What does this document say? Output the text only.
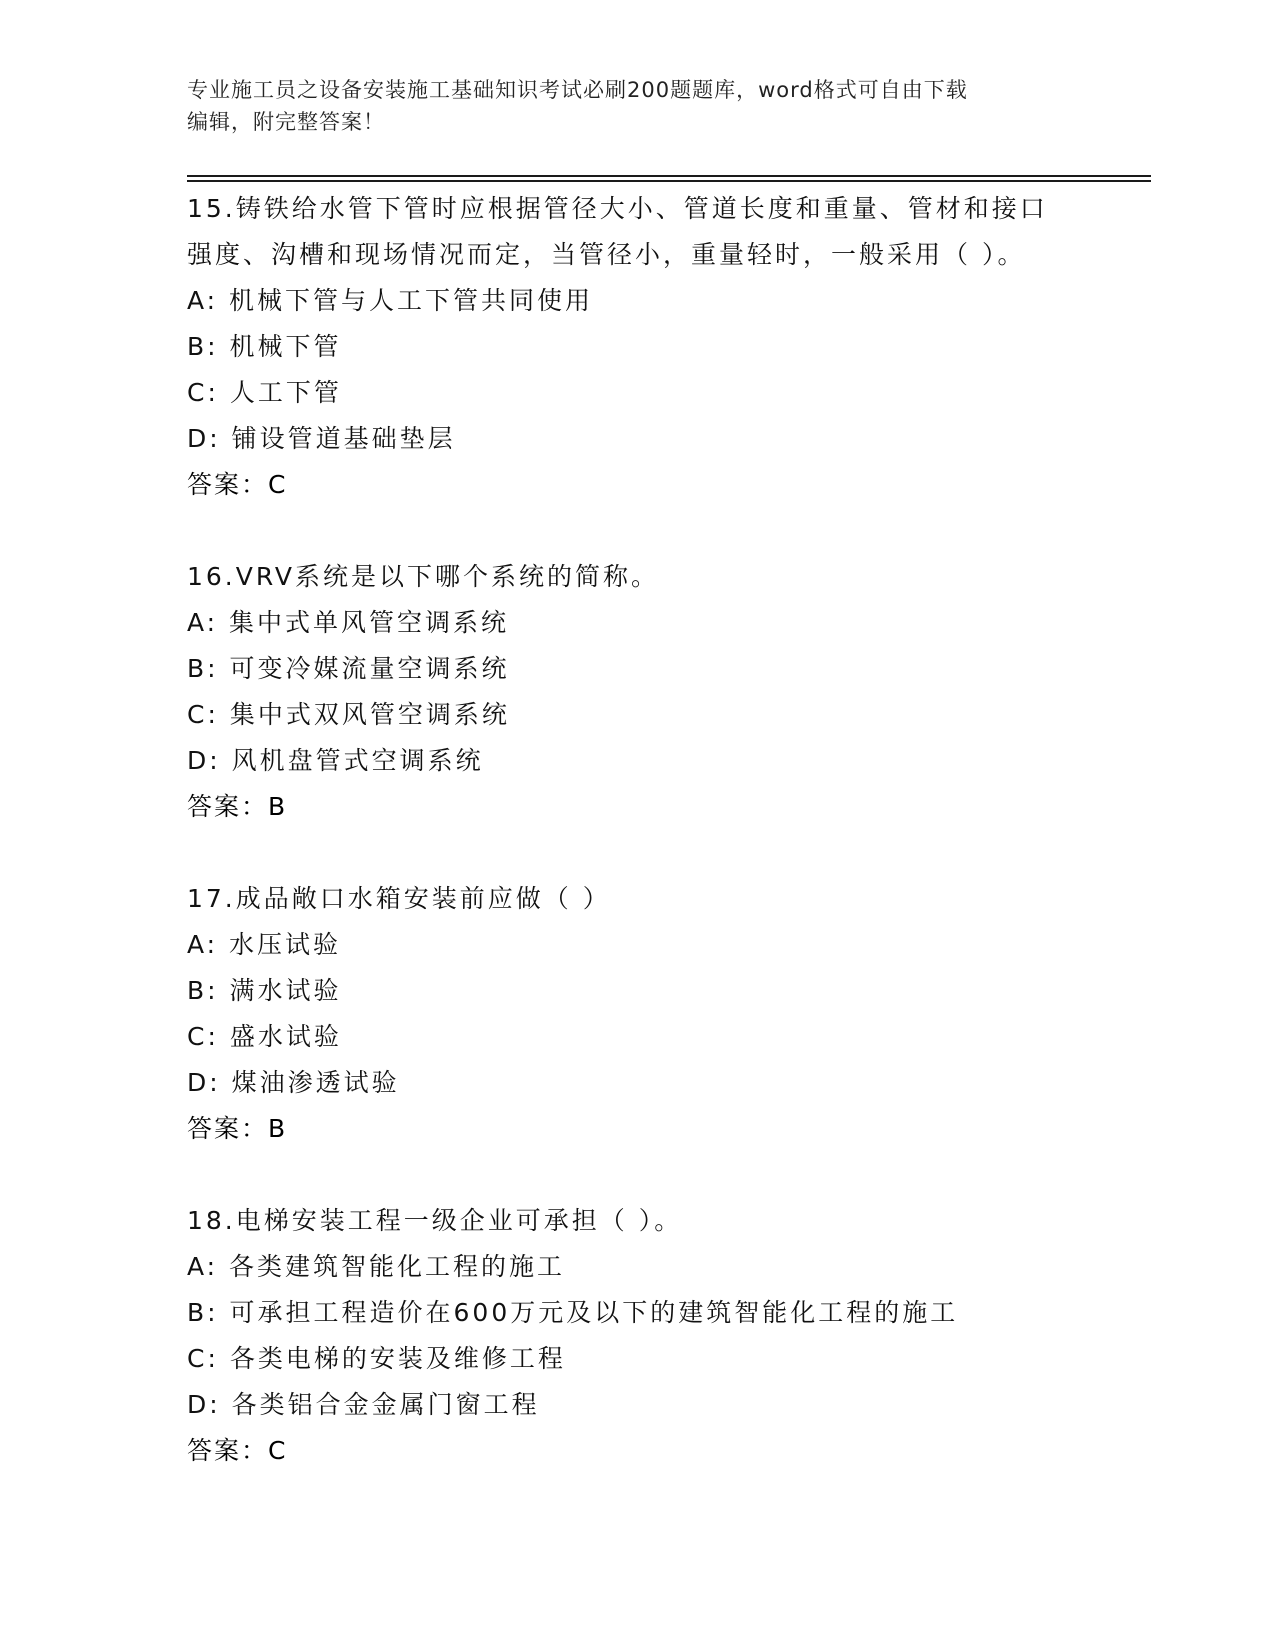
专业施工员之设备安装施工基础知识考试必刷200题题库，word格式可自由下载
编辑，附完整答案！
15.铸铁给水管下管时应根据管径大小、管道长度和重量、管材和接口
强度、沟槽和现场情况而定，当管径小，重量轻时，一般采用（ ）。
A: 机械下管与人工下管共同使用
B: 机械下管
C: 人工下管
D: 铺设管道基础垫层
答案：C
16.VRV系统是以下哪个系统的简称。
A: 集中式单风管空调系统
B: 可变冷媒流量空调系统
C: 集中式双风管空调系统
D: 风机盘管式空调系统
答案：B
17.成品敞口水箱安装前应做（ ）
A: 水压试验
B: 满水试验
C: 盛水试验
D: 煤油渗透试验
答案：B
18.电梯安装工程一级企业可承担（ ）。
A: 各类建筑智能化工程的施工
B: 可承担工程造价在600万元及以下的建筑智能化工程的施工
C: 各类电梯的安装及维修工程
D: 各类铝合金金属门窗工程
答案：C
